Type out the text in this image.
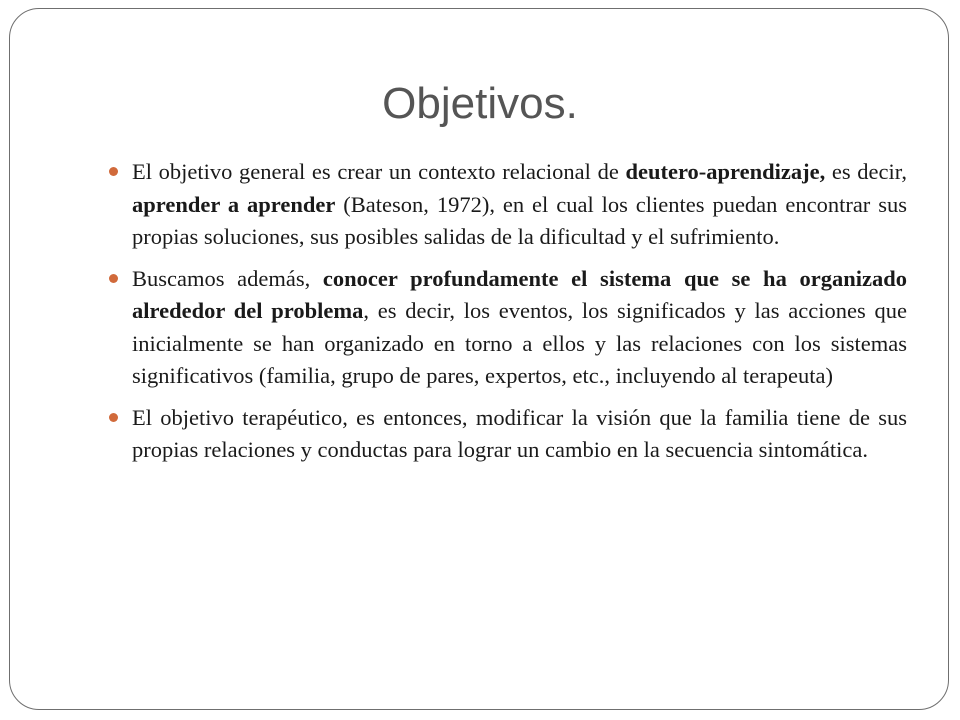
Objetivos.
El objetivo general es crear un contexto relacional de deutero-aprendizaje, es decir, aprender a aprender (Bateson, 1972), en el cual los clientes puedan encontrar sus propias soluciones, sus posibles salidas de la dificultad y el sufrimiento.
Buscamos además, conocer profundamente el sistema que se ha organizado alrededor del problema, es decir, los eventos, los significados y las acciones que inicialmente se han organizado en torno a ellos y las relaciones con los sistemas significativos (familia, grupo de pares, expertos, etc., incluyendo al terapeuta)
El objetivo terapéutico, es entonces, modificar la visión que la familia tiene de sus propias relaciones y conductas para lograr un cambio en la secuencia sintomática.
